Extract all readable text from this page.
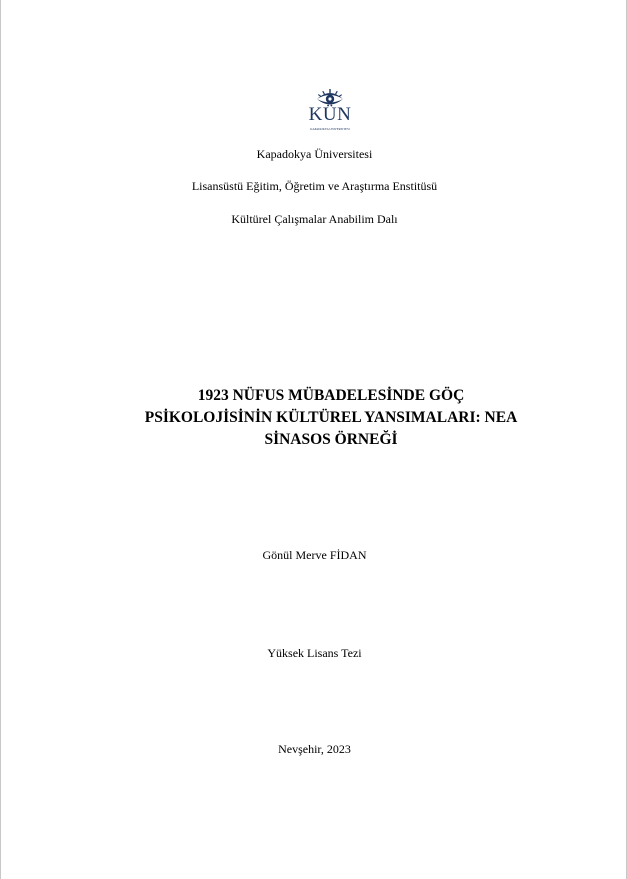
KÜN
KAPADOKYA ÜNİVERSİTESİ
Kapadokya Üniversitesi
Lisansüstü Eğitim, Öğretim ve Araştırma Enstitüsü
Kültürel Çalışmalar Anabilim Dalı
1923 NÜFUS MÜBADELESİNDE GÖÇ
PSİKOLOJİSİNİN KÜLTÜREL YANSIMALARI: NEA
SİNASOS ÖRNEĞİ
Gönül Merve FİDAN
Yüksek Lisans Tezi
Nevşehir, 2023
